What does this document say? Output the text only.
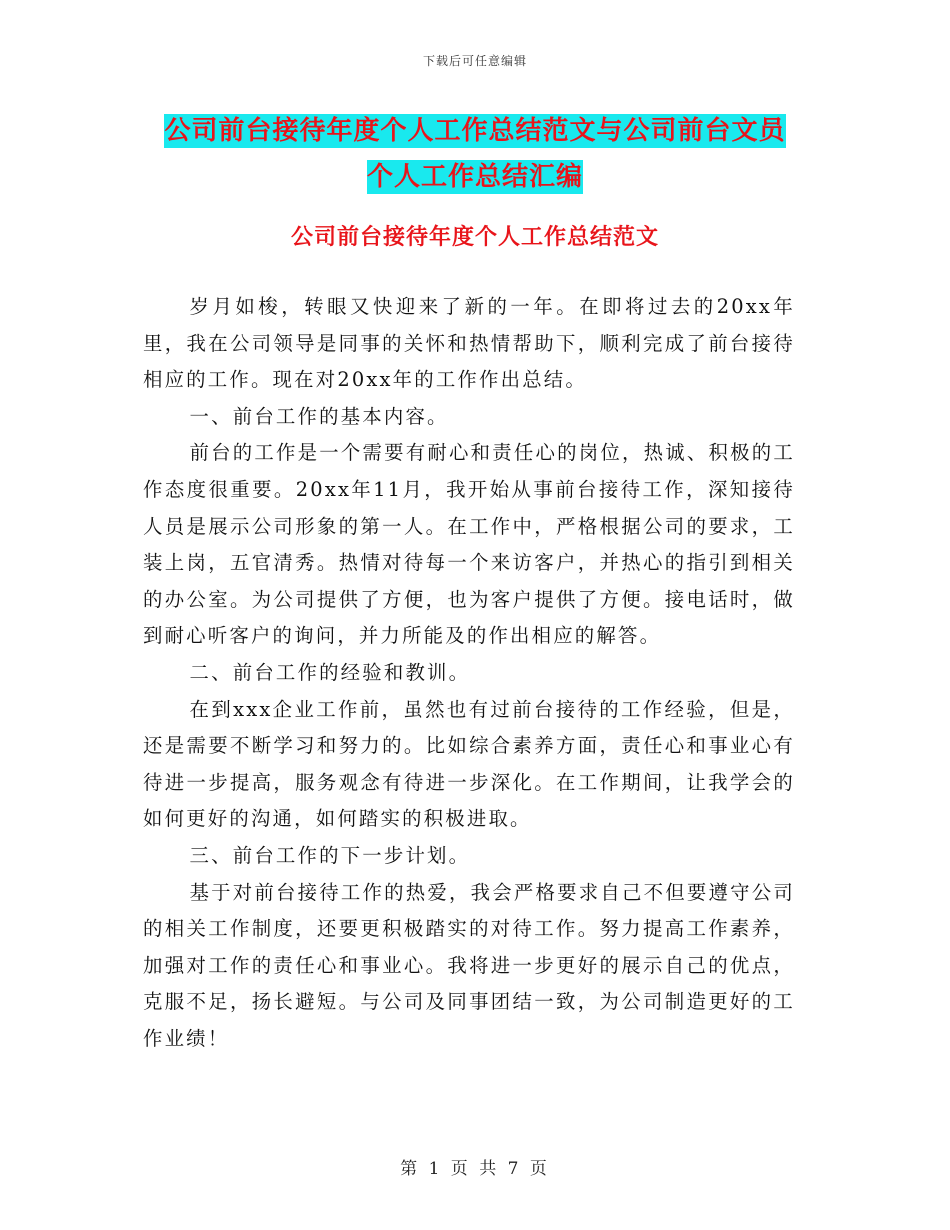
下载后可任意编辑
公司前台接待年度个人工作总结范文与公司前台文员
个人工作总结汇编
公司前台接待年度个人工作总结范文

岁月如梭，转眼又快迎来了新的一年。在即将过去的20xx年里，我在公司领导是同事的关怀和热情帮助下，顺利完成了前台接待相应的工作。现在对20xx年的工作作出总结。

一、前台工作的基本内容。

前台的工作是一个需要有耐心和责任心的岗位，热诚、积极的工作态度很重要。20xx年11月，我开始从事前台接待工作，深知接待人员是展示公司形象的第一人。在工作中，严格根据公司的要求，工装上岗，五官清秀。热情对待每一个来访客户，并热心的指引到相关的办公室。为公司提供了方便，也为客户提供了方便。接电话时，做到耐心听客户的询问，并力所能及的作出相应的解答。

二、前台工作的经验和教训。

在到xxx企业工作前，虽然也有过前台接待的工作经验，但是，还是需要不断学习和努力的。比如综合素养方面，责任心和事业心有待进一步提高，服务观念有待进一步深化。在工作期间，让我学会的如何更好的沟通，如何踏实的积极进取。

三、前台工作的下一步计划。

基于对前台接待工作的热爱，我会严格要求自己不但要遵守公司的相关工作制度，还要更积极踏实的对待工作。努力提高工作素养，加强对工作的责任心和事业心。我将进一步更好的展示自己的优点，克服不足，扬长避短。与公司及同事团结一致，为公司制造更好的工作业绩！

第 1 页 共 7 页
